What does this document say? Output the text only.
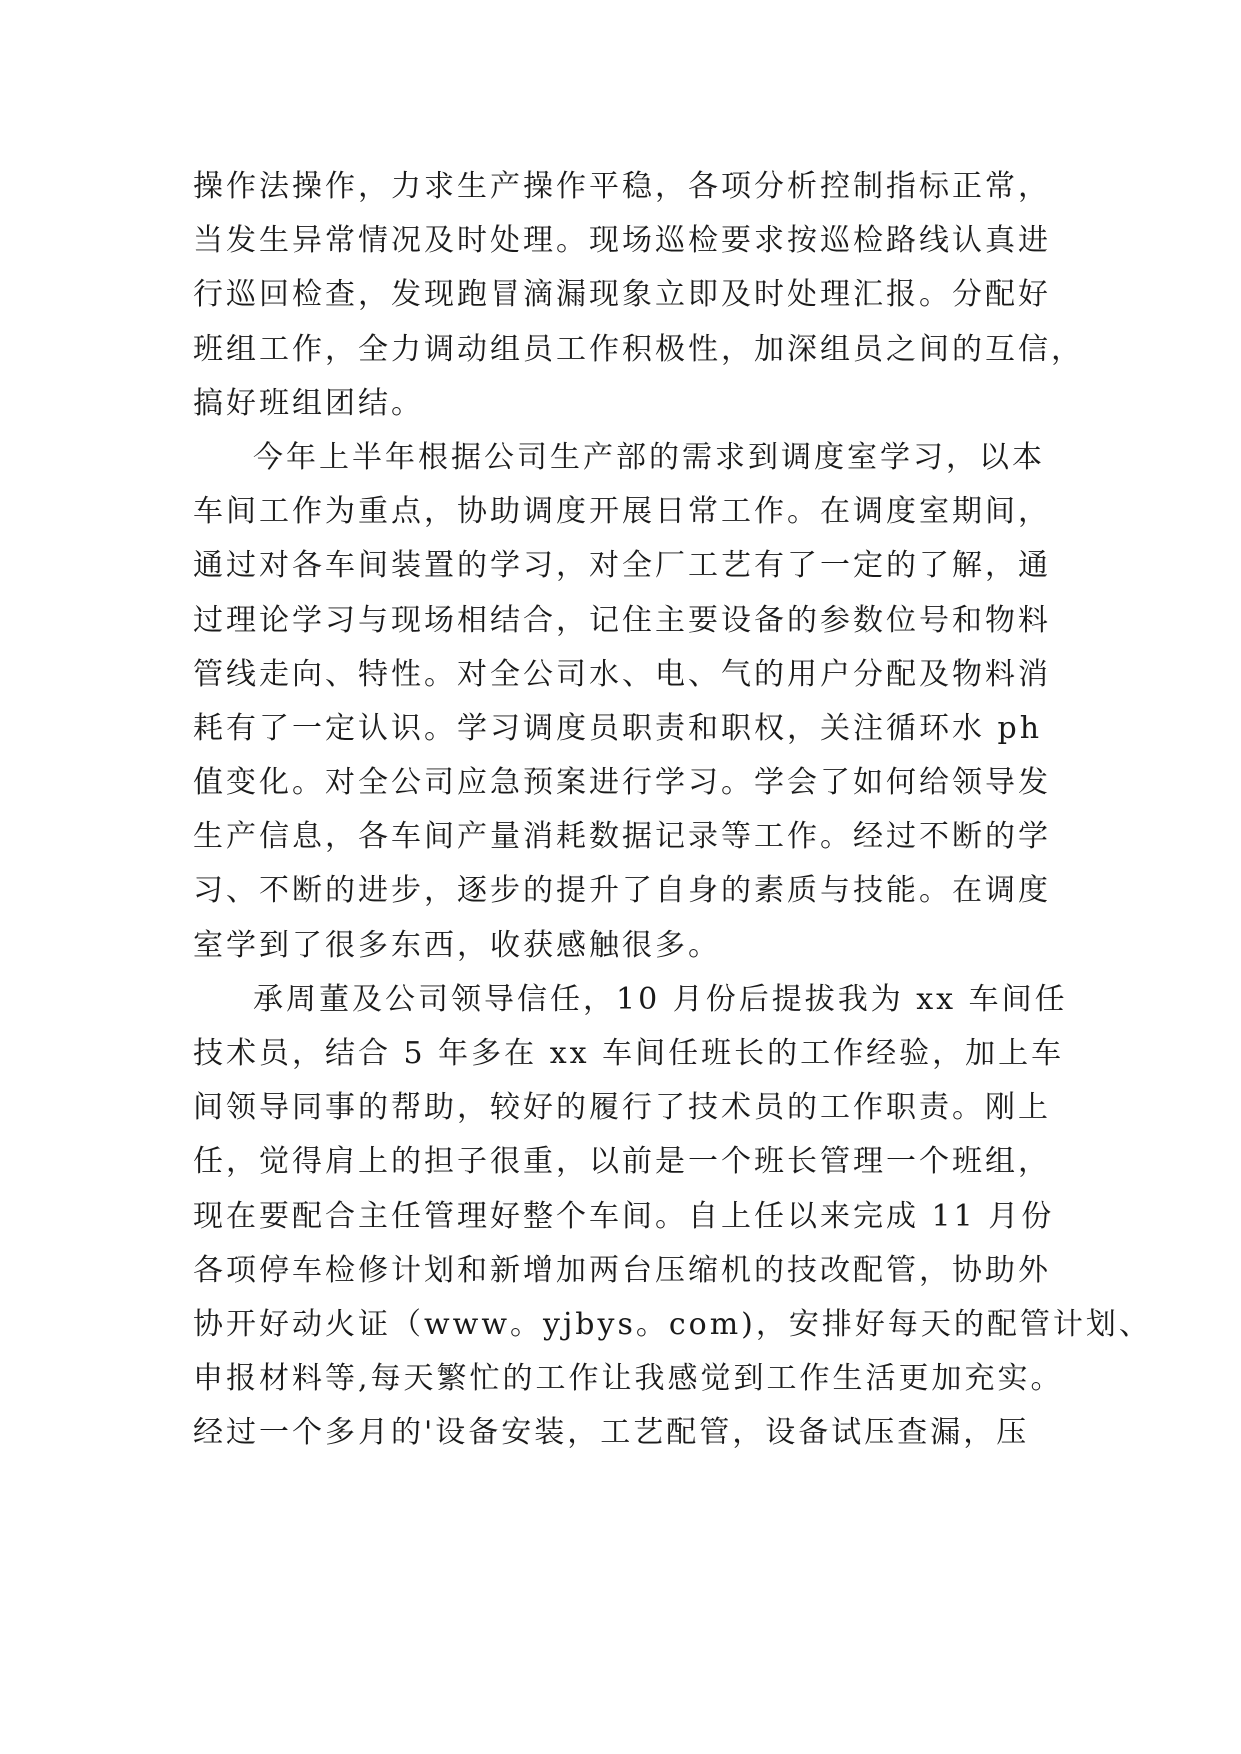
操作法操作，力求生产操作平稳，各项分析控制指标正常，
当发生异常情况及时处理。现场巡检要求按巡检路线认真进
行巡回检查，发现跑冒滴漏现象立即及时处理汇报。分配好
班组工作，全力调动组员工作积极性，加深组员之间的互信，
搞好班组团结。
今年上半年根据公司生产部的需求到调度室学习，以本
车间工作为重点，协助调度开展日常工作。在调度室期间，
通过对各车间装置的学习，对全厂工艺有了一定的了解，通
过理论学习与现场相结合，记住主要设备的参数位号和物料
管线走向、特性。对全公司水、电、气的用户分配及物料消
耗有了一定认识。学习调度员职责和职权，关注循环水 ph
值变化。对全公司应急预案进行学习。学会了如何给领导发
生产信息，各车间产量消耗数据记录等工作。经过不断的学
习、不断的进步，逐步的提升了自身的素质与技能。在调度
室学到了很多东西，收获感触很多。
承周董及公司领导信任，10 月份后提拔我为 xx 车间任
技术员，结合 5 年多在 xx 车间任班长的工作经验，加上车
间领导同事的帮助，较好的履行了技术员的工作职责。刚上
任，觉得肩上的担子很重，以前是一个班长管理一个班组，
现在要配合主任管理好整个车间。自上任以来完成 11 月份
各项停车检修计划和新增加两台压缩机的技改配管，协助外
协开好动火证（www。yjbys。com)，安排好每天的配管计划、
申报材料等,每天繁忙的工作让我感觉到工作生活更加充实。
经过一个多月的'设备安装，工艺配管，设备试压查漏，压
